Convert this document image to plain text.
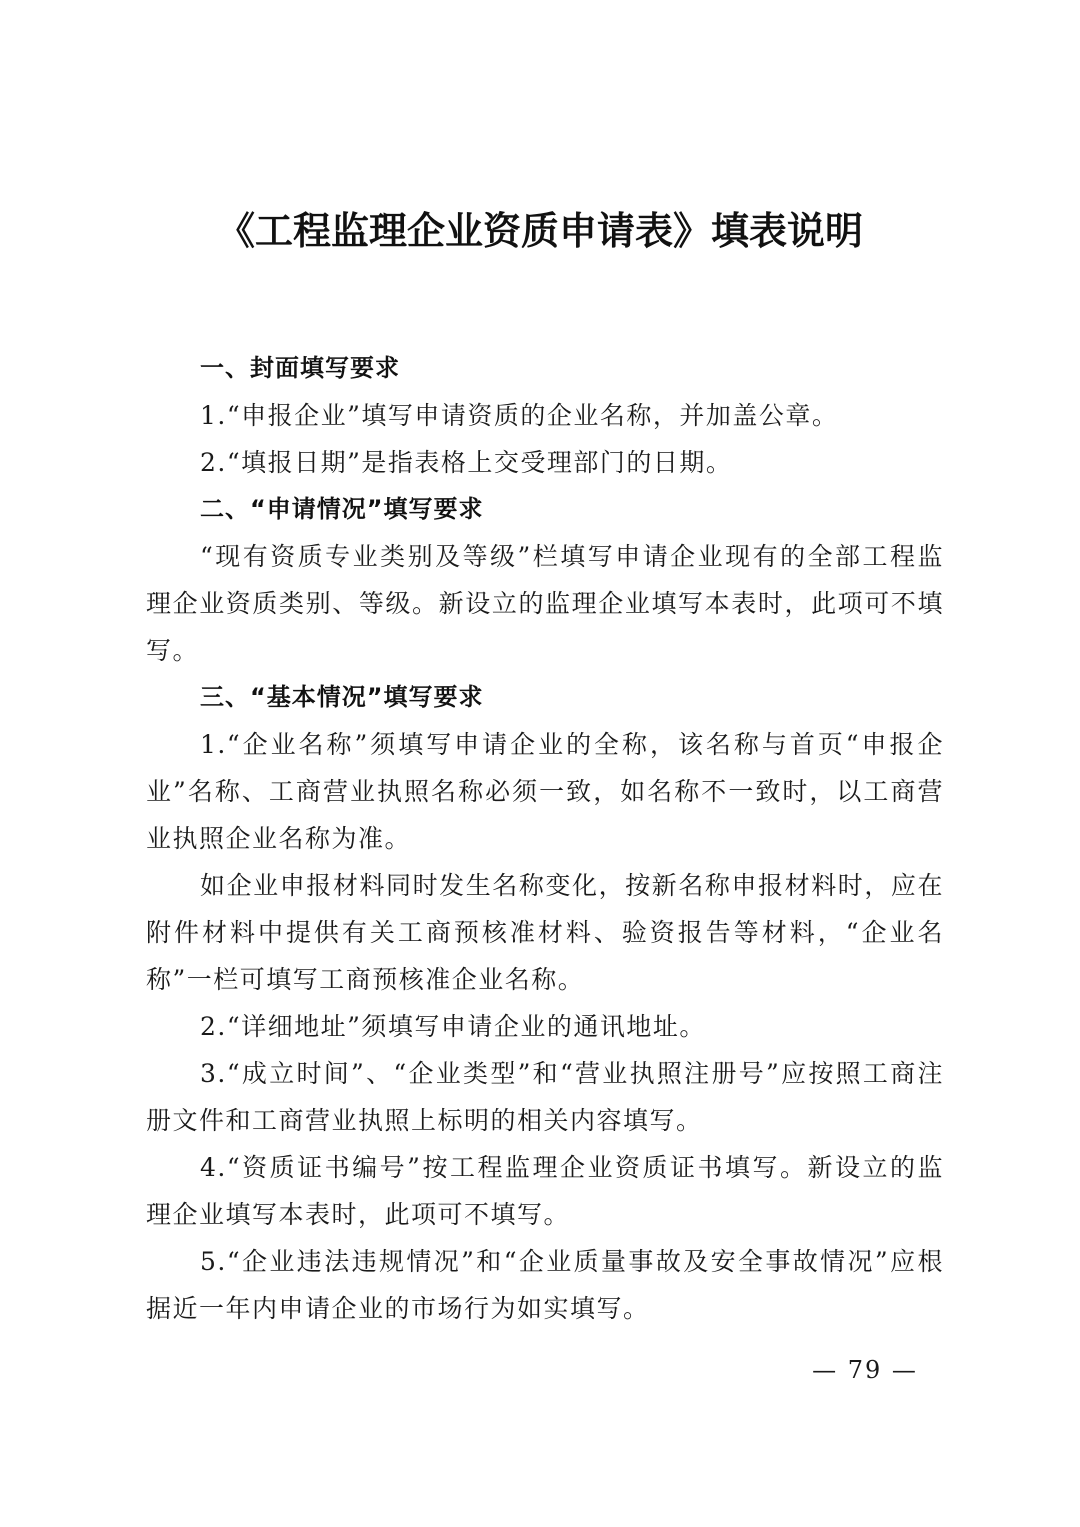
《工程监理企业资质申请表》填表说明

一、封面填写要求

1.“申报企业”填写申请资质的企业名称，并加盖公章。

2.“填报日期”是指表格上交受理部门的日期。

二、“申请情况”填写要求

“现有资质专业类别及等级”栏填写申请企业现有的全部工程监理企业资质类别、等级。新设立的监理企业填写本表时，此项可不填写。

三、“基本情况”填写要求

1.“企业名称”须填写申请企业的全称，该名称与首页“申报企业”名称、工商营业执照名称必须一致，如名称不一致时，以工商营业执照企业名称为准。

如企业申报材料同时发生名称变化，按新名称申报材料时，应在附件材料中提供有关工商预核准材料、验资报告等材料，“企业名称”一栏可填写工商预核准企业名称。

2.“详细地址”须填写申请企业的通讯地址。

3.“成立时间”、“企业类型”和“营业执照注册号”应按照工商注册文件和工商营业执照上标明的相关内容填写。

4.“资质证书编号”按工程监理企业资质证书填写。新设立的监理企业填写本表时，此项可不填写。

5.“企业违法违规情况”和“企业质量事故及安全事故情况”应根据近一年内申请企业的市场行为如实填写。

— 79 —
